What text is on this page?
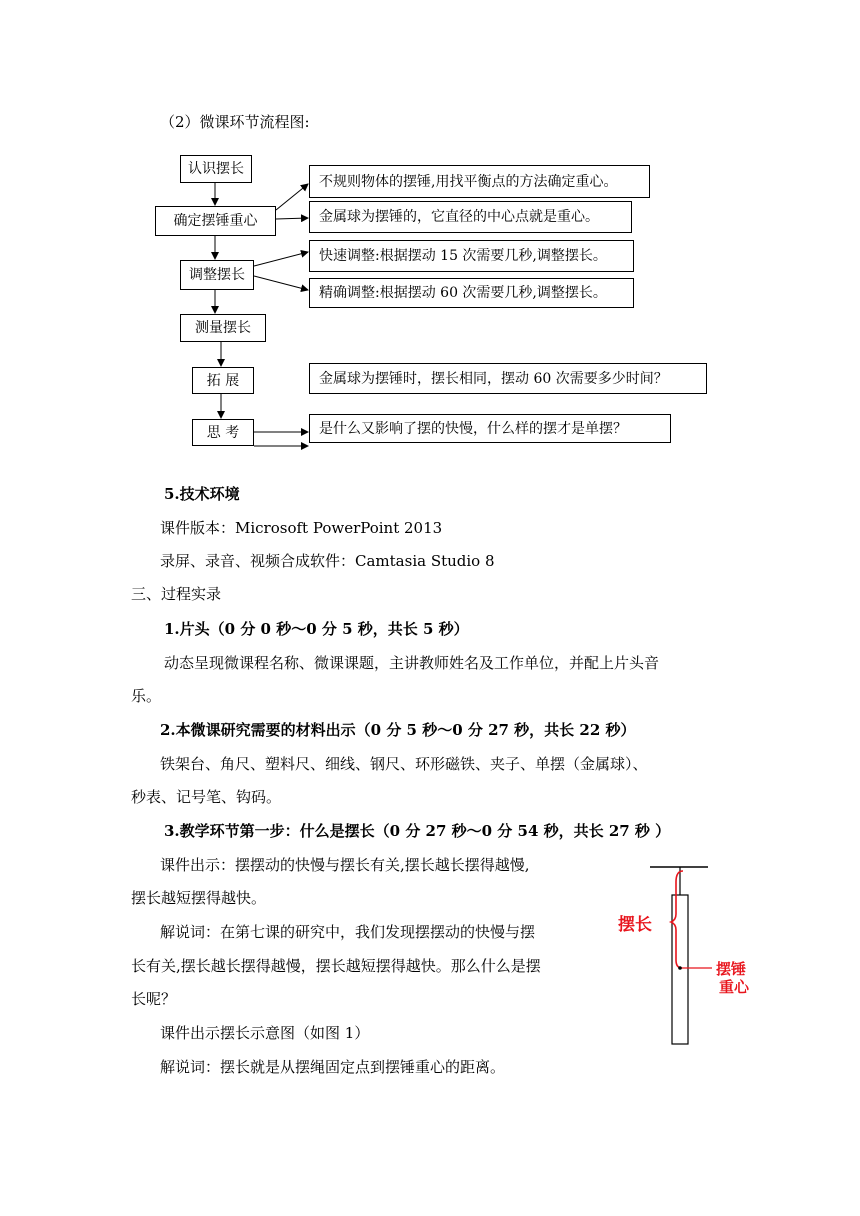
（2）微课环节流程图:
认识摆长
确定摆锤重心
调整摆长
测量摆长
拓 展
思 考
不规则物体的摆锤,用找平衡点的方法确定重心。
金属球为摆锤的，它直径的中心点就是重心。
快速调整:根据摆动 15 次需要几秒,调整摆长。
精确调整:根据摆动 60 次需要几秒,调整摆长。
金属球为摆锤时，摆长相同，摆动 60 次需要多少时间？
是什么又影响了摆的快慢，什么样的摆才是单摆？
5.技术环境
课件版本：Microsoft PowerPoint 2013
录屏、录音、视频合成软件：Camtasia Studio 8
三、过程实录
1.片头（0 分 0 秒～0 分 5 秒，共长 5 秒）
动态呈现微课程名称、微课课题，主讲教师姓名及工作单位，并配上片头音
乐。
2.本微课研究需要的材料出示（0 分 5 秒～0 分 27 秒，共长 22 秒）
铁架台、角尺、塑料尺、细线、钢尺、环形磁铁、夹子、单摆（金属球）、
秒表、记号笔、钩码。
3.教学环节第一步：什么是摆长（0 分 27 秒～0 分 54 秒，共长 27 秒 ）
课件出示：摆摆动的快慢与摆长有关,摆长越长摆得越慢,
摆长越短摆得越快。
解说词：在第七课的研究中，我们发现摆摆动的快慢与摆
长有关,摆长越长摆得越慢，摆长越短摆得越快。那么什么是摆
长呢？
课件出示摆长示意图（如图 1）
解说词：摆长就是从摆绳固定点到摆锤重心的距离。
摆长
摆锤
重心
